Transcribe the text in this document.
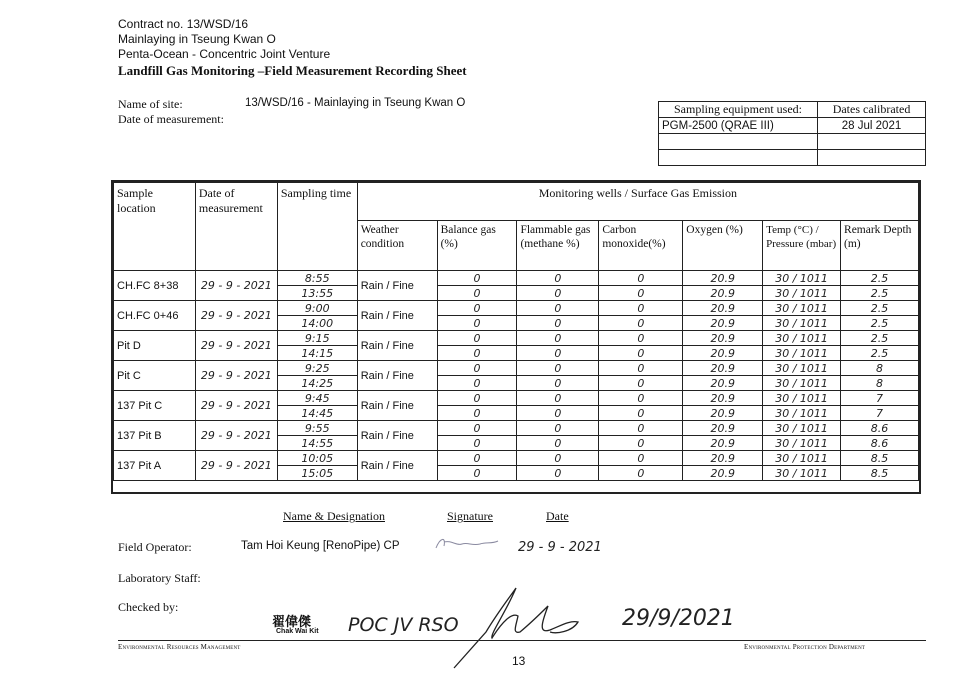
Contract no. 13/WSD/16
Mainlaying in Tseung Kwan O
Penta-Ocean - Concentric Joint Venture
Landfill Gas Monitoring –Field Measurement Recording Sheet
Name of site:	13/WSD/16 - Mainlaying in Tseung Kwan O
Date of measurement:
Sampling equipment used:	Dates calibrated
PGM-2500 (QRAE III)	28 Jul 2021

Sample location	Date of measurement	Sampling time	Monitoring wells / Surface Gas Emission						
			Weather condition	Balance gas (%)	Flammable gas (methane %)	Carbon monoxide(%)	Oxygen (%)	Temp (°C) / Pressure (mbar)	Remark Depth (m)
CH.FC 8+38	29 - 9 - 2021	8:55	Rain / Fine	0	0	0	20.9	30 / 1011	2.5
		13:55		0	0	0	20.9	30 / 1011	2.5
CH.FC 0+46	29 - 9 - 2021	9:00	Rain / Fine	0	0	0	20.9	30 / 1011	2.5
		14:00		0	0	0	20.9	30 / 1011	2.5
Pit D	29 - 9 - 2021	9:15	Rain / Fine	0	0	0	20.9	30 / 1011	2.5
		14:15		0	0	0	20.9	30 / 1011	2.5
Pit C	29 - 9 - 2021	9:25	Rain / Fine	0	0	0	20.9	30 / 1011	8
		14:25		0	0	0	20.9	30 / 1011	8
137 Pit C	29 - 9 - 2021	9:45	Rain / Fine	0	0	0	20.9	30 / 1011	7
		14:45		0	0	0	20.9	30 / 1011	7
137 Pit B	29 - 9 - 2021	9:55	Rain / Fine	0	0	0	20.9	30 / 1011	8.6
		14:55		0	0	0	20.9	30 / 1011	8.6
137 Pit A	29 - 9 - 2021	10:05	Rain / Fine	0	0	0	20.9	30 / 1011	8.5
		15:05		0	0	0	20.9	30 / 1011	8.5
Name & Designation	Signature	Date
Field Operator:	Tam Hoi Keung [RenoPipe) CP	29 - 9 - 2021
Laboratory Staff:
Checked by:
翟偉傑
Chak Wai Kit POC JV RSO	29/9/2021
Environmental Resources Management
13
Environmental Protection Department
